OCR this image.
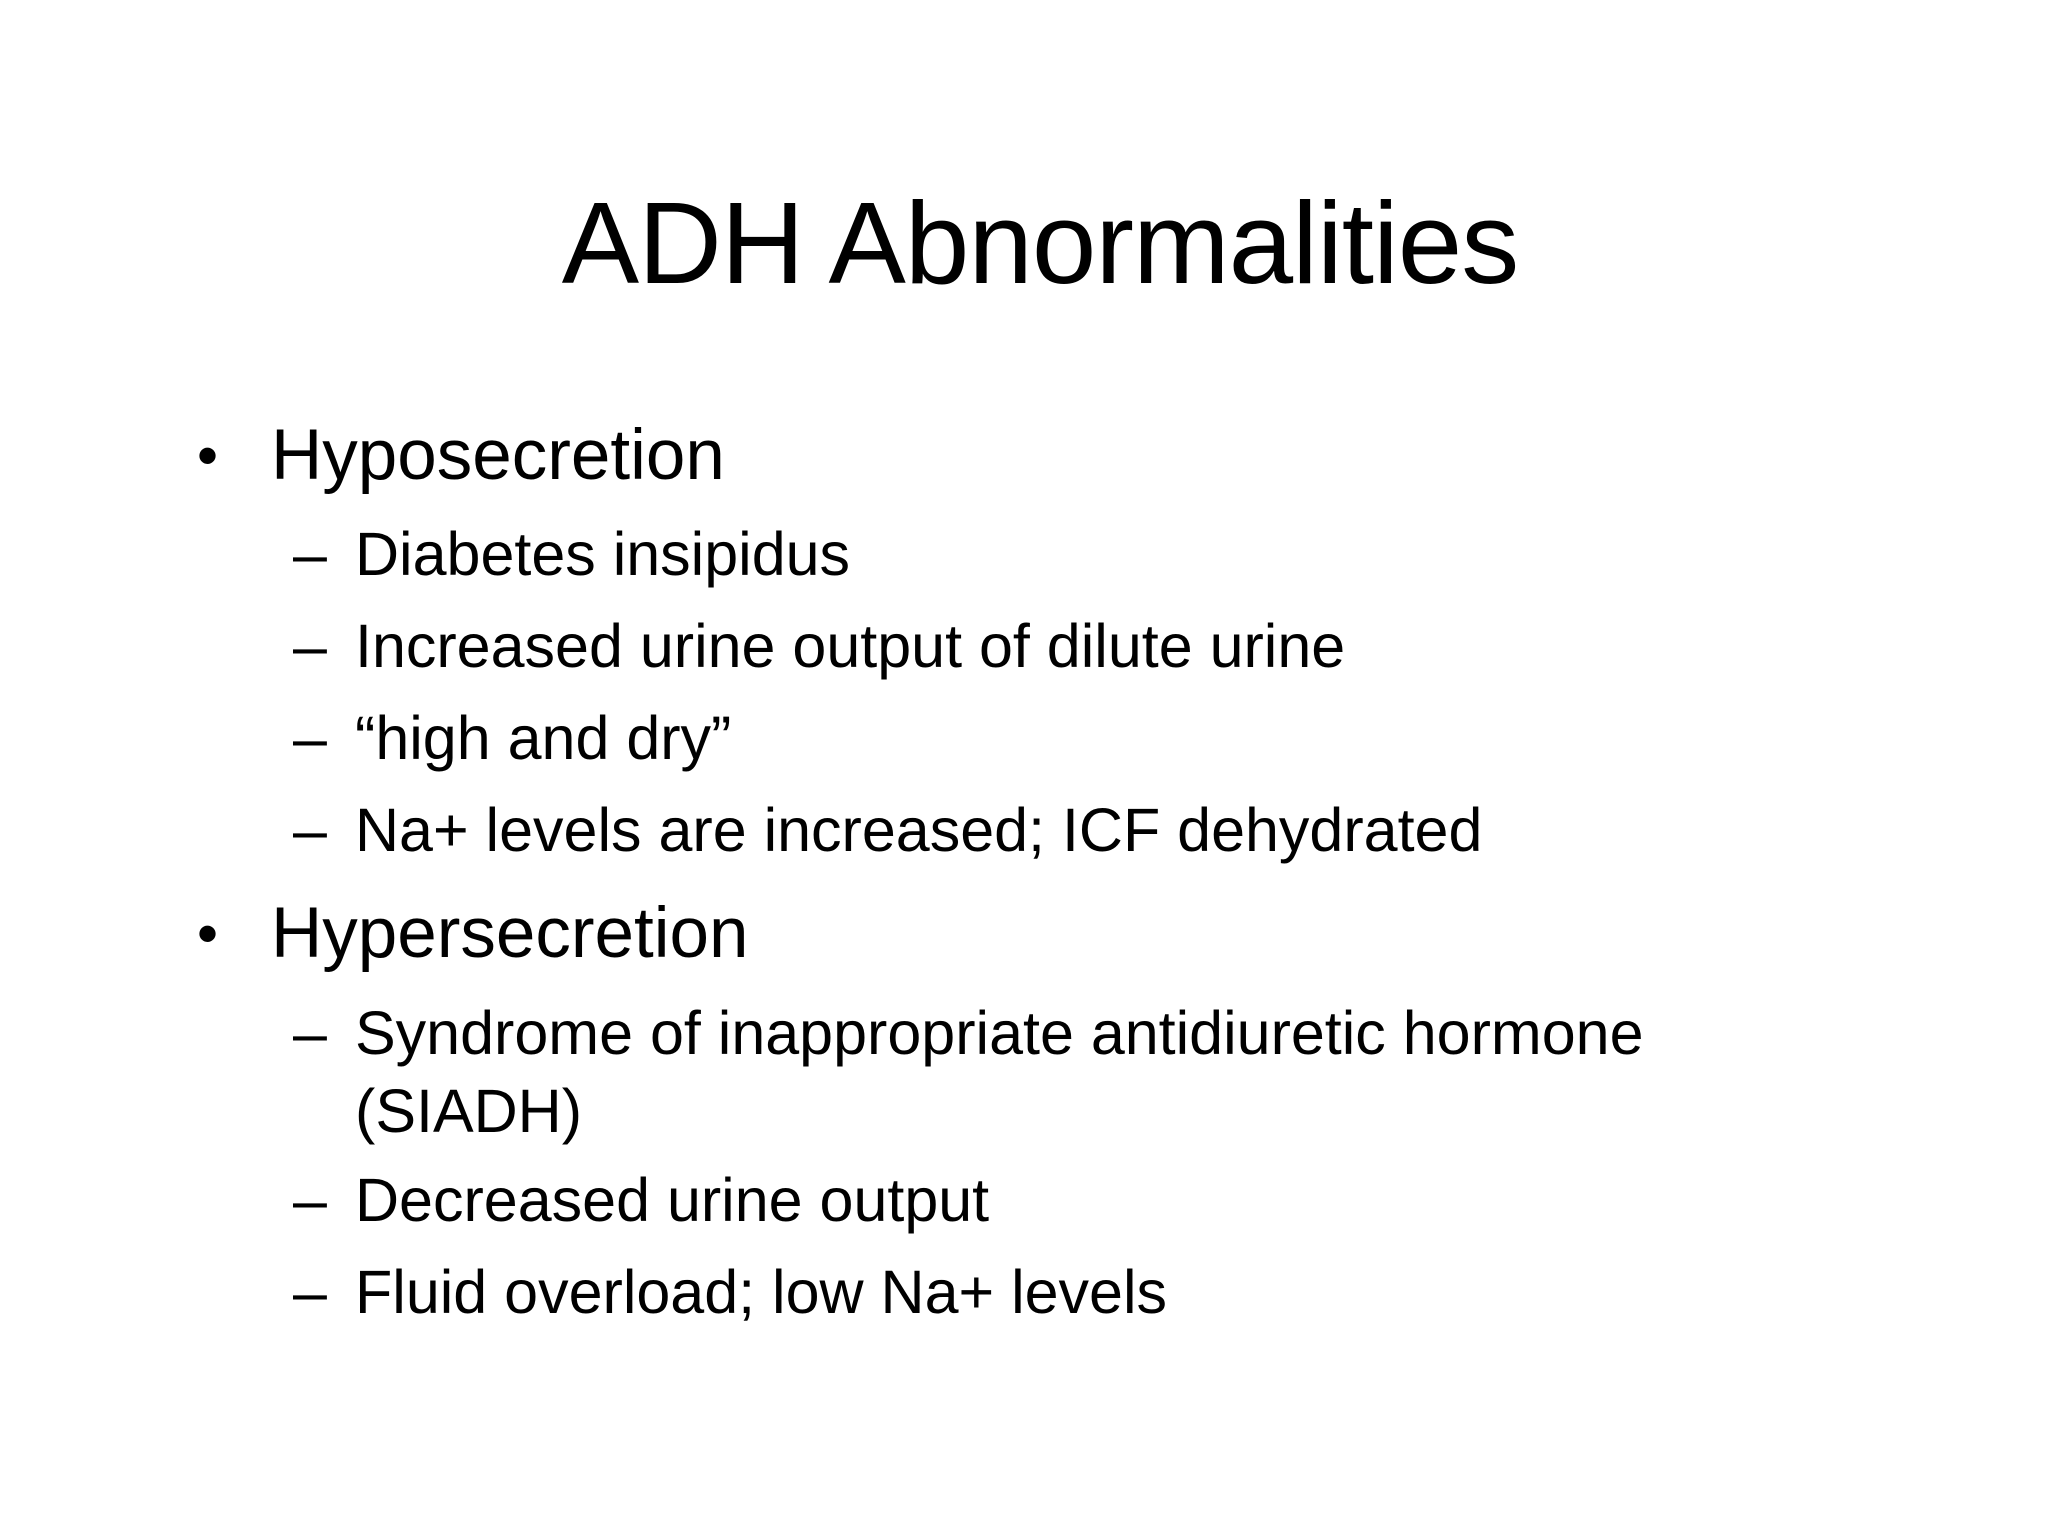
ADH Abnormalities
• Hyposecretion
– Diabetes insipidus
– Increased urine output of dilute urine
– “high and dry”
– Na+ levels are increased; ICF dehydrated
• Hypersecretion
– Syndrome of inappropriate antidiuretic hormone (SIADH)
– Decreased urine output
– Fluid overload; low Na+ levels
